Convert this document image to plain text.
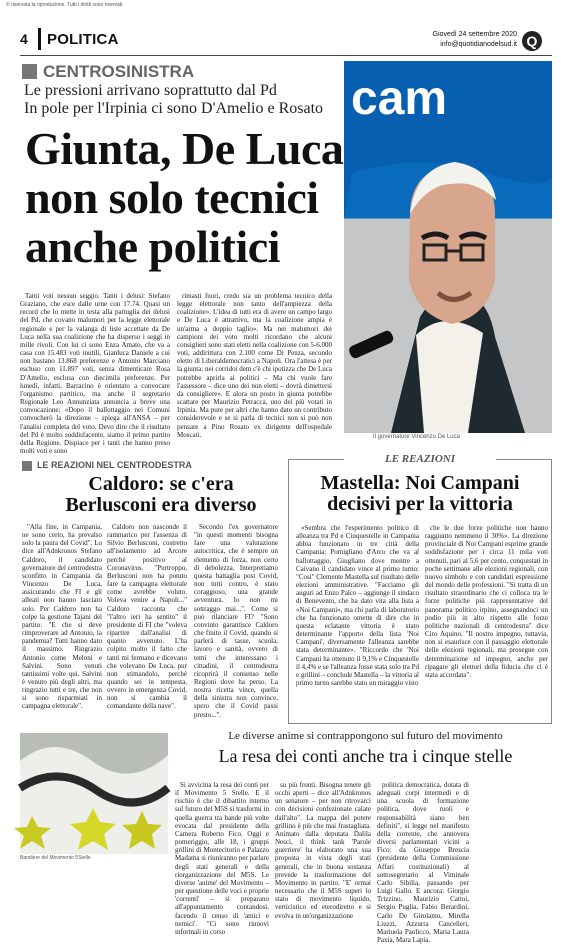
© riservata la riproduzione. Tutti i diritti sono riservati.
4 POLITICA	Giovedì 24 settembre 2020
info@quotidianodelsud.it Q
CENTROSINISTRA
Le pressioni arrivano soprattutto dal Pd
In pole per l'Irpinia ci sono D'Amelio e Rosato
Giunta, De Luca
non solo tecnici
anche politici
cam
Il governatore Vincenzo De Luca

Tanti voti nessun seggio. Tanti i delusi: Stefano Graziano, che esce dalle urne con 17.74. Quasi un record che lo mette in testa alla pattuglia dei delusi del Pd, che covano malumori per la legge elettorale regionale e per la valanga di liste accettate da De Luca nella sua coalizione che ha disperso i seggi in mille rivoli. Con lui ci sono Enza Amato, che va a casa con 15.483 voti inutili, Gianluca Daniele a cui non bastano 13.868 preferenze e Antonio Marciano escluso con 11.897 voti, senza dimenticare Rosa D'Amelio, esclusa con diecimila preferenze. Per lunedì, infatti, Barracino è orientato a convocare l'organismo partitico, ma anche il segretario Regionale Leo Annunziata annuncia a breve una convocazione: «Dopo il ballottaggio nei Comuni convocherò la direzione – spiega all'ANSA – per l'analisi completa del voto. Devo dire che il risultato del Pd è molto soddisfacente, siamo il primo partito della Regione. Dispiace per i tanti che hanno preso molti voti e sono

rimasti fuori, credo sia un problema tecnico della legge elettorale non tanto dell'ampiezza della coalizione». L'idea di tutti era di avere un campo largo e De Luca è attrattivo, ma la coalizione ampia è un'arma a doppio taglio». Ma nei malumori dei campioni dei voto molti ricordano che alcuni consiglieri sono stati eletti nella coalizione con 5-6.000 voti, addirittura con 2.100 come Di Penza, secondo eletto di Liberaldemocratici a Napoli. Ora l'attesa è per la giunta: nei corridoi dem c'è chi ipotizza che De Luca potrebbe aprirla ai politici – Ma chi vuole fare l'assessore – dice uno dei non eletti – dovrà dimettersi da consigliere». E alora un posto in giunta potrebbe scattare per Maurizio Petracca, uno dei più votati in Irpinia. Ma pure per altri che hanno dato un contributo considerevole e se si parla di tecnici non si può non pensare a Pino Rosato ex dirigente dell'ospedale Moscati.

LE REAZIONI NEL CENTRODESTRA
Caldoro: se c'era
Berlusconi era diverso

"Alla fine, in Campania, ne sono certo, ha prevalso solo la paura del Covid". Lo dice all'Adnkronos Stefano Caldoro, il candidato governatore del centrodestra sconfitto in Campania da Vincenzo De Luca, assicurando che FI e gli alleati non hanno lasciato solo. Per Caldoro non ha colpe la gestione Tajani del partito: "E che si deve rimproverare ad Antonio, la pandemia? Tutti hanno dato il massimo. Ringrazio Antonio come Meloni e Salvini. Sono venuti tantissimi volte qui. Salvini è venuto più degli altri, ma ringrazio tutti e tre, che non si sono risparmiati in campagna elettorale".

Caldoro non nasconde il rammarico per l'assenza di Silvio Berlusconi, costretto all'isolamento ad Arcore perché positivo al Coronavirus. "Purtroppo, Berlusconi non ha potuto fare la campagna elettorale come avrebbe voluto. Voleva venire a Napoli..." Caldoro racconta che "l'altro ieri ha sentito" il presidente di FI che "voleva ripartire dall'analisi di quanto avvenuto. L'ha colpito molto il fatto che tanti mi fermano e dicevano che volevano De Luca, pur non stimandolo, perché quando sei in tempesta, ovvero in emergenza Covid, non si cambia il comandante della nave".

Secondo l'ex governatore "in questi momenti bisogna fare una valutazione autocritica, che è sempre un elemento di forza, non certo di debolezza. Interpretiamo questa battaglia post Covid, non tutti contro, è stato coraggioso, una grande avventura. Io non mi sottraggo mai...". Come si può rilanciare FI? "Sono convinto garantisce Caldoro che finito il Covid, quando si parlerà di tasse, scuola, lavoro e sanità, ovvero di temi che interessano i cittadini, il centrodestra ricoprirà il consenso nelle Regioni dove ha perso. La nostra ricetta vince, quella della sinistra non convince, spero che il Covid passi presto...".

LE REAZIONI
Mastella: Noi Campani
decisivi per la vittoria

«Sembra che l'esperimento politico di alleanza tra Pd e Cinquestelle in Campania abbia funzionato in tre città della Campania: Pomigliano d'Arco che va al ballottaggio, Giugliano dove mentre a Caivano il candidato vince al primo turno: "Così" Clemente Mastella sul risultato delle elezioni amministrative. "Facciamo gli auguri ad Enzo Palco – aggiunge il sindaco di Benevento, che ha dato vita alla lista a «Noi Campani», ma chi parla di laboratorio che ha funzionato omette di dire che in questa eclatante vittoria è stato determinante l'apporto della lista 'Noi Campani', diversamente l'alleanza sarebbe stata determinante». "Riccordo che 'Noi Campani ha ottenuto il 9,1% e Cinquestelle il 4,4% e se l'alleanza fosse stata solo tra Pd e grillini – conclude Mastella – la vittoria al primo turno sarebbe stato un miraggio visto

che le due forze politiche non hanno raggiunto nemmeno il 30%». La direzione provinciale di Noi Campani esprime grande soddisfazione per i circa 11 mila voti ottenuti, pari al 5,6 per cento, conquistati in poche settimane alle elezioni regionali, con nuovo simbolo e con candidati espressione del mondo delle professioni. "Si tratta di un risultato straordinario che ci colloca tra le forze politiche più rappresentative del panorama politico irpino, assegnandoci un podio più in alto rispetto alle forze politiche nazionali di centrodestra" dice Ciro Aquino. "Il nostro impegno, tuttavia, non si esaurisce con il passaggio elettorale delle elezioni regionali, ma prosegue con determinazione ed impegno, anche per ripagare gli elettori della fiducia che ci è stata accordata".

Bandiere del Movimento 5Stelle
Le diverse anime si contrappongono sul futuro del movimento
La resa dei conti anche tra i cinque stelle

Si avvicina la resa dei conti per il Movimento 5 Stelle. E il rischio è che il dibattito interno sul futuro del M5S si trasformi in quella guerra tra bande più volte evocata dal presidente della Camera Roberto Fico. Oggi e pomeriggio, alle 18, i gruppi grillini di Montecitorio e Palazzo Madama si riuniranno per parlare degli stati generali e della riorganizzazione del M5S. Le diverse 'anime' del Movimento – per questione delle voci e proprie 'correnti' – si preparano all'appuntamento contandosi, facendo il censo di 'amici e nemici'. "Ci sono rinnovi informali in corso

su più fronti. Bisogna tenere gli occhi aperti – dice all'Adnkronos un senatore – per non ritrovarci con decisioni confezionate calate dall'alto". La mappa del potere grillino è più che mai frastagliata. Animato dalla deputata Dalila Nesci, il think tank 'Parole guerriere' ha elaborato una sua proposta in vista degli stati generali, che in buona sostanza prevede la trasformazione del Movimento in partito. "E' ormai necessario che il M5S superi lo stato di movimento liquido, verticistico ed eterodiretto e si evolva in un'organizzazione

politica democratica, dotata di adeguati corpi intermedi e di una scuola di formazione politica, dove ruoli e responsabilità siano ben definiti", si legge nel manifesto della corrente, che annovera diversi parlamentari vicini a Fico: da Giuseppe Brescia (presidente della Commissione Affari costituzionali) al sottosegretario al Viminale Carlo Sibilia, passando per Luigi Gallo. E ancora: Giorgio Trizzino, Maurizio Cattoi, Sergio Puglia, Fabio Berardini, Carlo De Girolamo, Mirella Liuzzi, Azzurra Cancelleri, Mariuela Paolicco, Maria Laura Paxia, Mara Lapia.
